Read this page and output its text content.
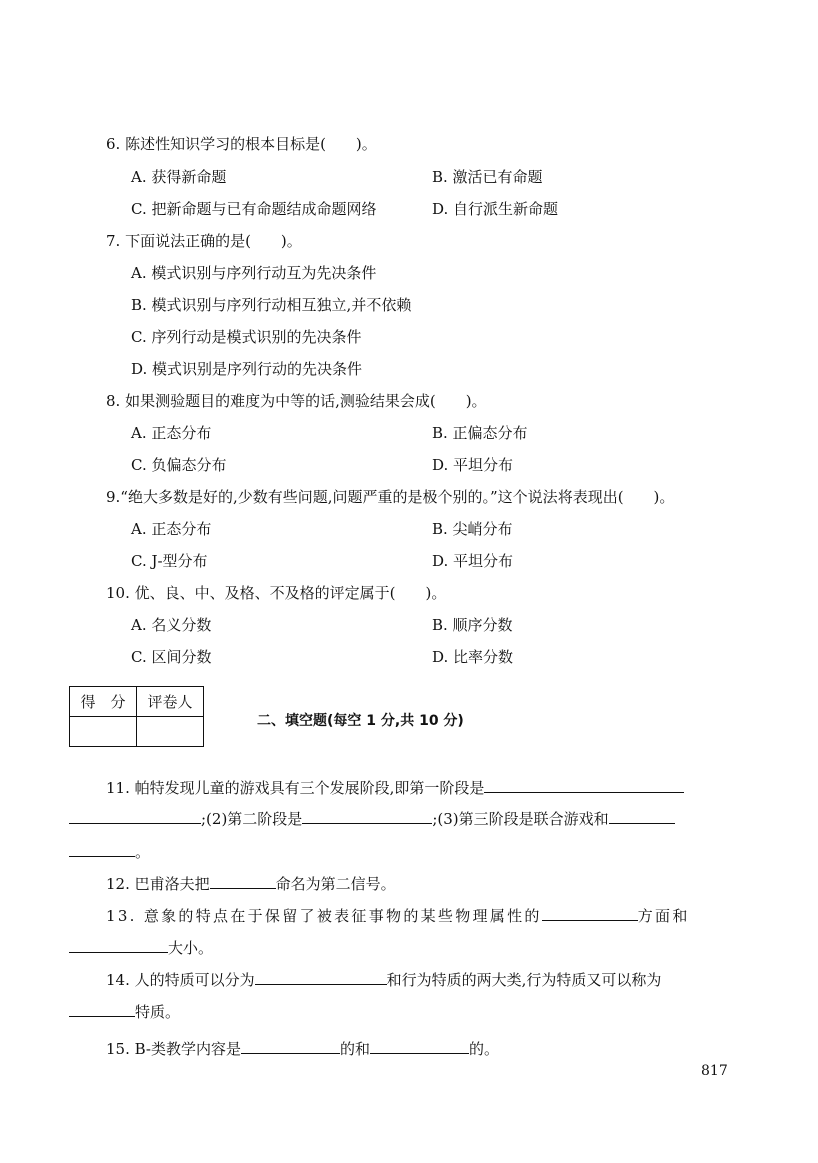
6. 陈述性知识学习的根本目标是(　　)。
A. 获得新命题	B. 激活已有命题
C. 把新命题与已有命题结成命题网络	D. 自行派生新命题
7. 下面说法正确的是(　　)。
A. 模式识别与序列行动互为先决条件
B. 模式识别与序列行动相互独立,并不依赖
C. 序列行动是模式识别的先决条件
D. 模式识别是序列行动的先决条件
8. 如果测验题目的难度为中等的话,测验结果会成(　　)。
A. 正态分布	B. 正偏态分布
C. 负偏态分布	D. 平坦分布
9.“绝大多数是好的,少数有些问题,问题严重的是极个别的。”这个说法将表现出(　　)。
A. 正态分布	B. 尖峭分布
C. J-型分布	D. 平坦分布
10. 优、良、中、及格、不及格的评定属于(　　)。
A. 名义分数	B. 顺序分数
C. 区间分数	D. 比率分数
得　分	评卷人

二、填空题(每空 1 分,共 10 分)
11. 帕特发现儿童的游戏具有三个发展阶段,即第一阶段是
;(2)第二阶段是	;(3)第三阶段是联合游戏和
。
12. 巴甫洛夫把	命名为第二信号。
13. 意象的特点在于保留了被表征事物的某些物理属性的	方面和
大小。
14. 人的特质可以分为	和行为特质的两大类,行为特质又可以称为
特质。
15. B-类教学内容是	的和	的。
817
